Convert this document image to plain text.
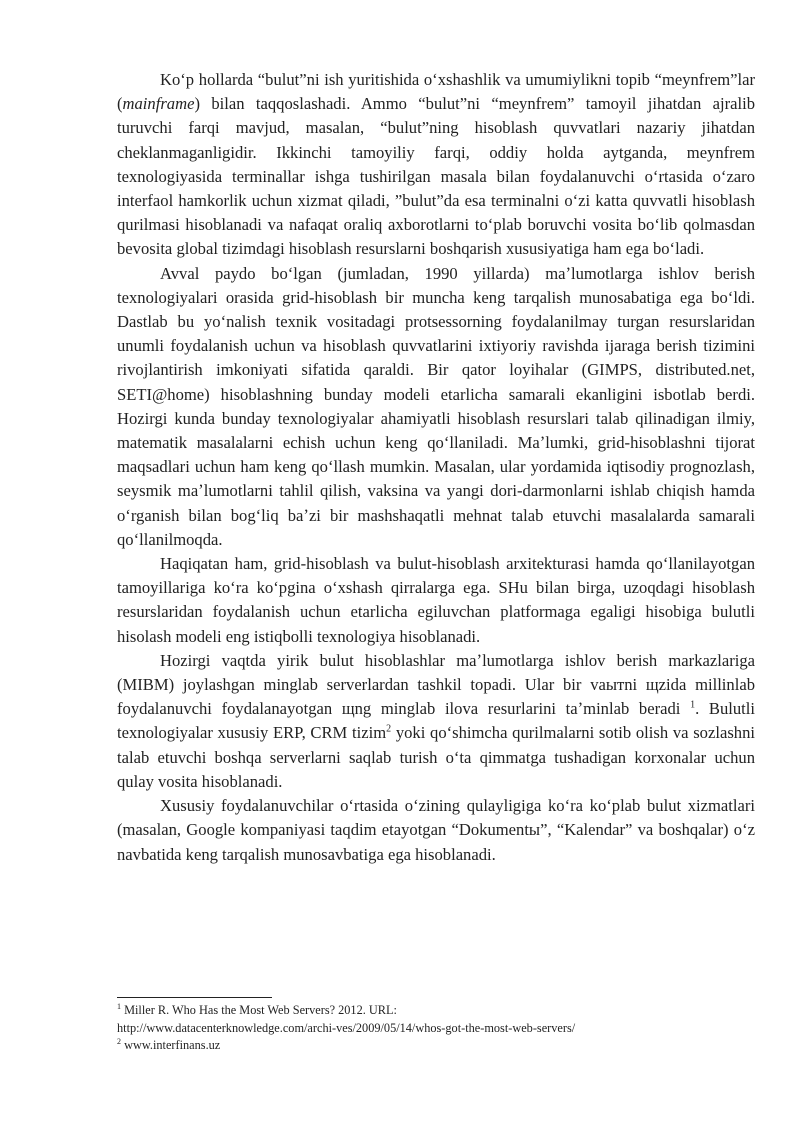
Koʻp hollarda “bulut”ni ish yuritishida oʻxshashlik va umumiylikni topib “meynfrem”lar (mainframe) bilan taqqoslashadi. Ammo “bulut”ni “meynfrem” tamoyil jihatdan ajralib turuvchi farqi mavjud, masalan, “bulut”ning hisoblash quvvatlari nazariy jihatdan cheklanmaganligidir. Ikkinchi tamoyiliy farqi, oddiy holda aytganda, meynfrem texnologiyasida terminallar ishga tushirilgan masala bilan foydalanuvchi oʻrtasida oʻzaro interfaol hamkorlik uchun xizmat qiladi, ”bulut”da esa terminalni oʻzi katta quvvatli hisoblash qurilmasi hisoblanadi va nafaqat oraliq axborotlarni toʻplab boruvchi vosita boʻlib qolmasdan bevosita global tizimdagi hisoblash resurslarni boshqarish xususiyatiga ham ega boʻladi.

Avval paydo boʻlgan (jumladan, 1990 yillarda) maʼlumotlarga ishlov berish texnologiyalari orasida grid-hisoblash bir muncha keng tarqalish munosabatiga ega boʻldi. Dastlab bu yoʻnalish texnik vositadagi protsessorning foydalanilmay turgan resurslaridan unumli foydalanish uchun va hisoblash quvvatlarini ixtiyoriy ravishda ijaraga berish tizimini rivojlantirish imkoniyati sifatida qaraldi. Bir qator loyihalar (GIMPS, distributed.net, SETI@home) hisoblashning bunday modeli etarlicha samarali ekanligini isbotlab berdi. Hozirgi kunda bunday texnologiyalar ahamiyatli hisoblash resurslari talab qilinadigan ilmiy, matematik masalalarni echish uchun keng qoʻllaniladi. Maʼlumki, grid-hisoblashni tijorat maqsadlari uchun ham keng qoʻllash mumkin. Masalan, ular yordamida iqtisodiy prognozlash, seysmik maʼlumotlarni tahlil qilish, vaksina va yangi dori-darmonlarni ishlab chiqish hamda oʻrganish bilan bogʻliq baʼzi bir mashshaqatli mehnat talab etuvchi masalalarda samarali qoʻllanilmoqda.

Haqiqatan ham, grid-hisoblash va bulut-hisoblash arxitekturasi hamda qoʻllanilayotgan tamoyillariga koʻra koʻpgina oʻxshash qirralarga ega. SHu bilan birga, uzoqdagi hisoblash resurslaridan foydalanish uchun etarlicha egiluvchan platformaga egaligi hisobiga bulutli hisolash modeli eng istiqbolli texnologiya hisoblanadi.

Hozirgi vaqtda yirik bulut hisoblashlar maʼlumotlarga ishlov berish markazlariga (MIBM) joylashgan minglab serverlardan tashkil topadi. Ular bir vaытni щzida millinlab foydalanuvchi foydalanayotgan щng minglab ilova resurlarini taʼminlab beradi $^1$. Bulutli texnologiyalar xususiy ERP, CRM tizim$^2$ yoki qoʻshimcha qurilmalarni sotib olish va sozlashni talab etuvchi boshqa serverlarni saqlab turish oʻta qimmatga tushadigan korxonalar uchun qulay vosita hisoblanadi.

Xususiy foydalanuvchilar oʻrtasida oʻzining qulayligiga koʻra koʻplab bulut xizmatlari (masalan, Google kompaniyasi taqdim etayotgan “Dokumentы”, “Kalendar” va boshqalar) oʻz navbatida keng tarqalish munosavbatiga ega hisoblanadi.

$^1$ Miller R. Who Has the Most Web Servers? 2012. URL:

http://www.datacenterknowledge.com/archi-ves/2009/05/14/whos-got-the-most-web-servers/

$^2$ www.interfinans.uz
